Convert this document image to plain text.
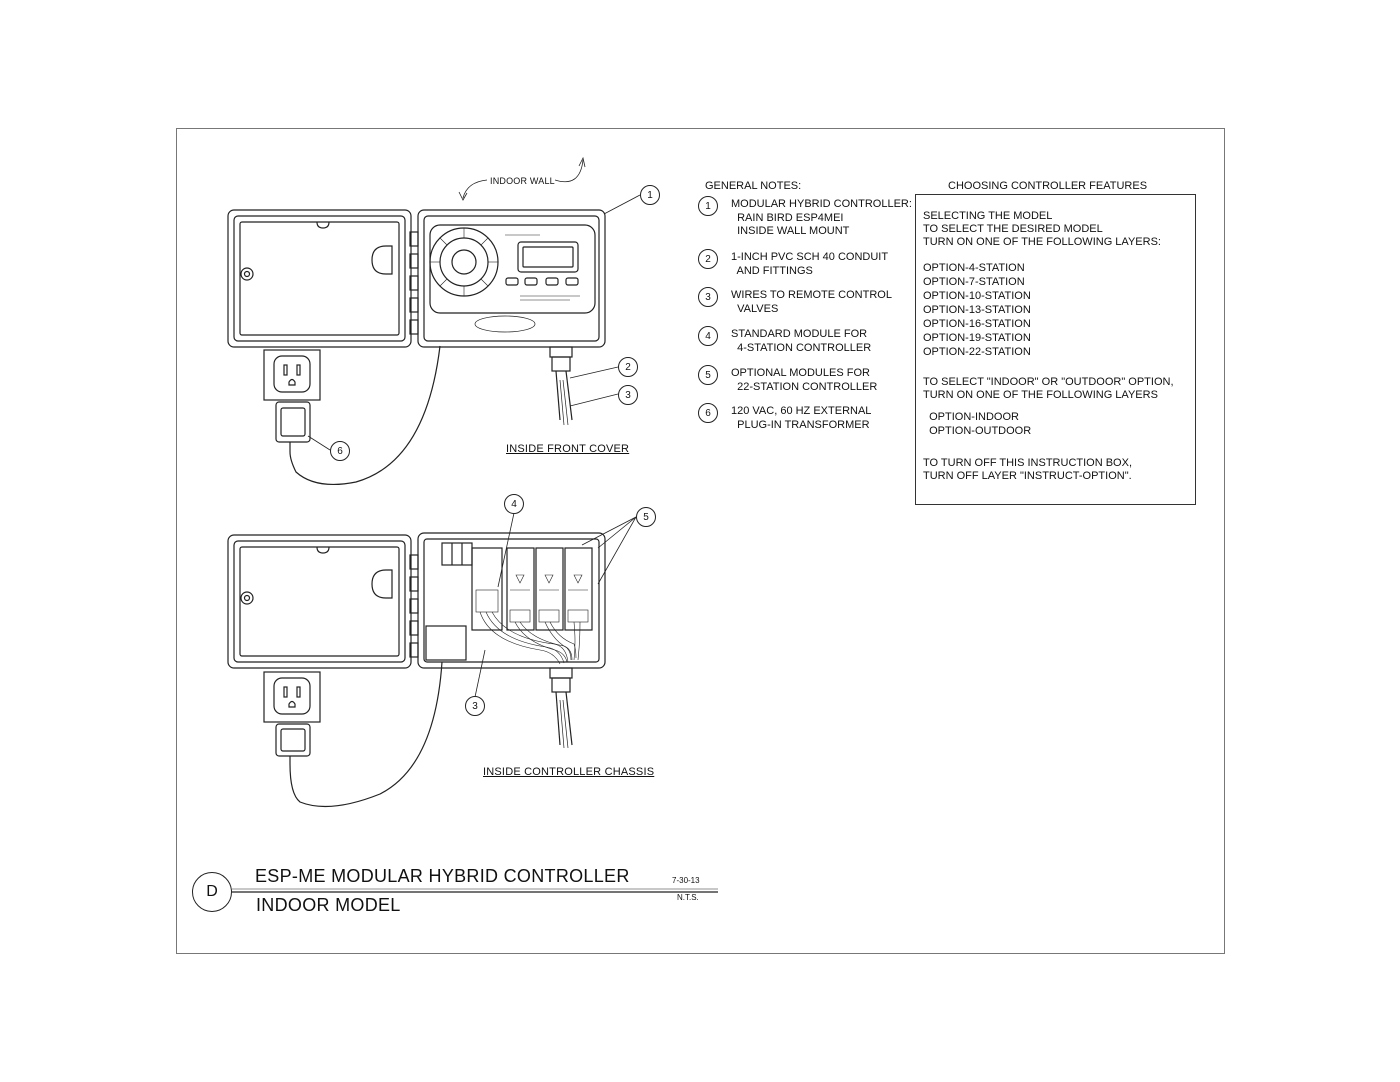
INDOOR WALL
INSIDE FRONT COVER
INSIDE CONTROLLER CHASSIS
1
2
3
6
4
5
3
GENERAL NOTES:
1	MODULAR HYBRID CONTROLLER:
RAIN BIRD ESP4MEI
INSIDE WALL MOUNT
2	1-INCH PVC SCH 40 CONDUIT
AND FITTINGS
3	WIRES TO REMOTE CONTROL
VALVES
4	STANDARD MODULE FOR
4-STATION CONTROLLER
5	OPTIONAL MODULES FOR
22-STATION CONTROLLER
6	120 VAC, 60 HZ EXTERNAL
PLUG-IN TRANSFORMER
CHOOSING CONTROLLER FEATURES
SELECTING THE MODEL
TO SELECT THE DESIRED MODEL
TURN ON ONE OF THE FOLLOWING LAYERS:
OPTION-4-STATION
OPTION-7-STATION
OPTION-10-STATION
OPTION-13-STATION
OPTION-16-STATION
OPTION-19-STATION
OPTION-22-STATION
TO SELECT "INDOOR" OR "OUTDOOR" OPTION,
TURN ON ONE OF THE FOLLOWING LAYERS
OPTION-INDOOR
OPTION-OUTDOOR
TO TURN OFF THIS INSTRUCTION BOX,
TURN OFF LAYER "INSTRUCT-OPTION".
D
ESP-ME MODULAR HYBRID CONTROLLER
INDOOR MODEL
7-30-13
N.T.S.
